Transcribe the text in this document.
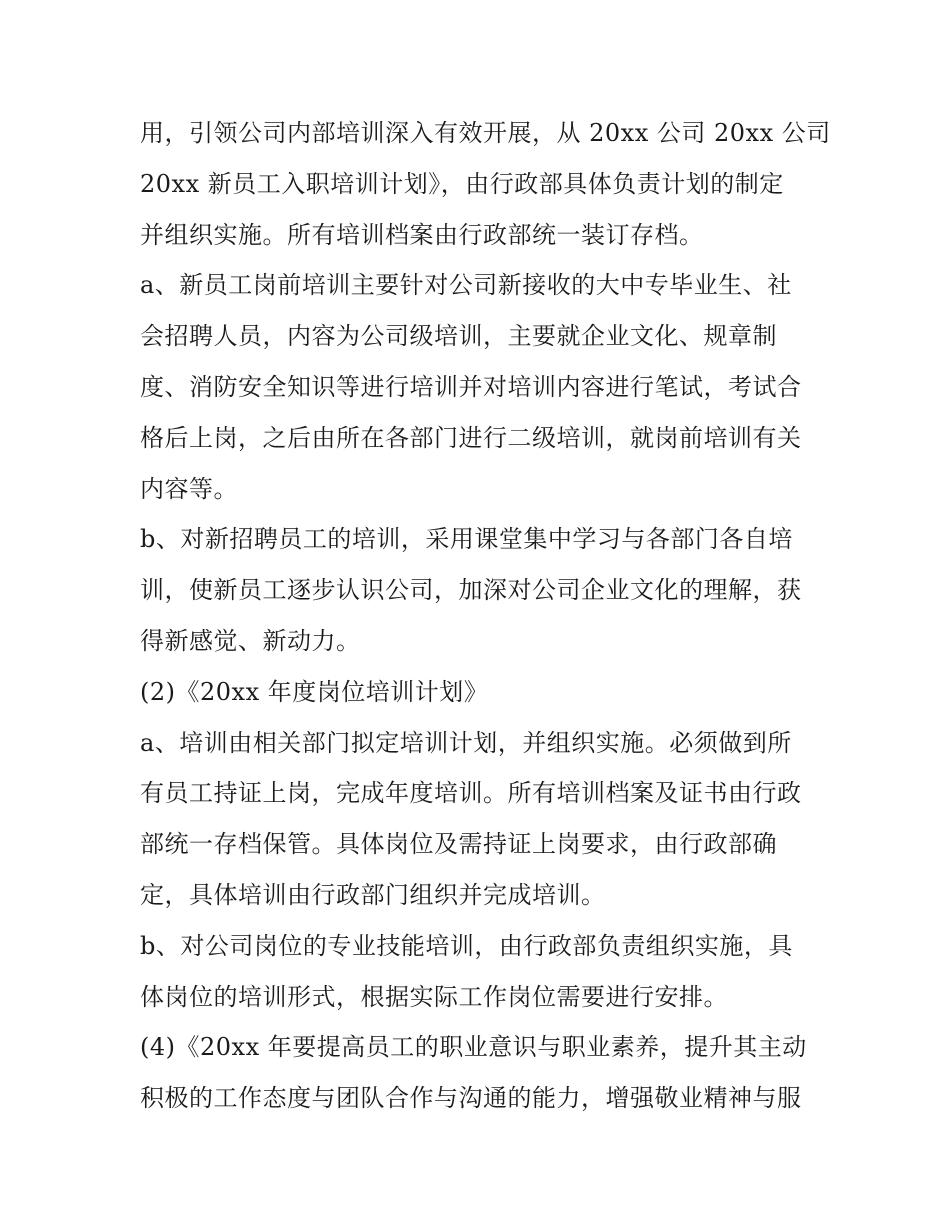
用，引领公司内部培训深入有效开展，从 20xx 公司 20xx 公司
20xx 新员工入职培训计划》，由行政部具体负责计划的制定
并组织实施。所有培训档案由行政部统一装订存档。
a、新员工岗前培训主要针对公司新接收的大中专毕业生、社
会招聘人员，内容为公司级培训，主要就企业文化、规章制
度、消防安全知识等进行培训并对培训内容进行笔试，考试合
格后上岗，之后由所在各部门进行二级培训，就岗前培训有关
内容等。
b、对新招聘员工的培训，采用课堂集中学习与各部门各自培
训，使新员工逐步认识公司，加深对公司企业文化的理解，获
得新感觉、新动力。
(2)《20xx 年度岗位培训计划》
a、培训由相关部门拟定培训计划，并组织实施。必须做到所
有员工持证上岗，完成年度培训。所有培训档案及证书由行政
部统一存档保管。具体岗位及需持证上岗要求，由行政部确
定，具体培训由行政部门组织并完成培训。
b、对公司岗位的专业技能培训，由行政部负责组织实施，具
体岗位的培训形式，根据实际工作岗位需要进行安排。
(4)《20xx 年要提高员工的职业意识与职业素养，提升其主动
积极的工作态度与团队合作与沟通的能力，增强敬业精神与服
